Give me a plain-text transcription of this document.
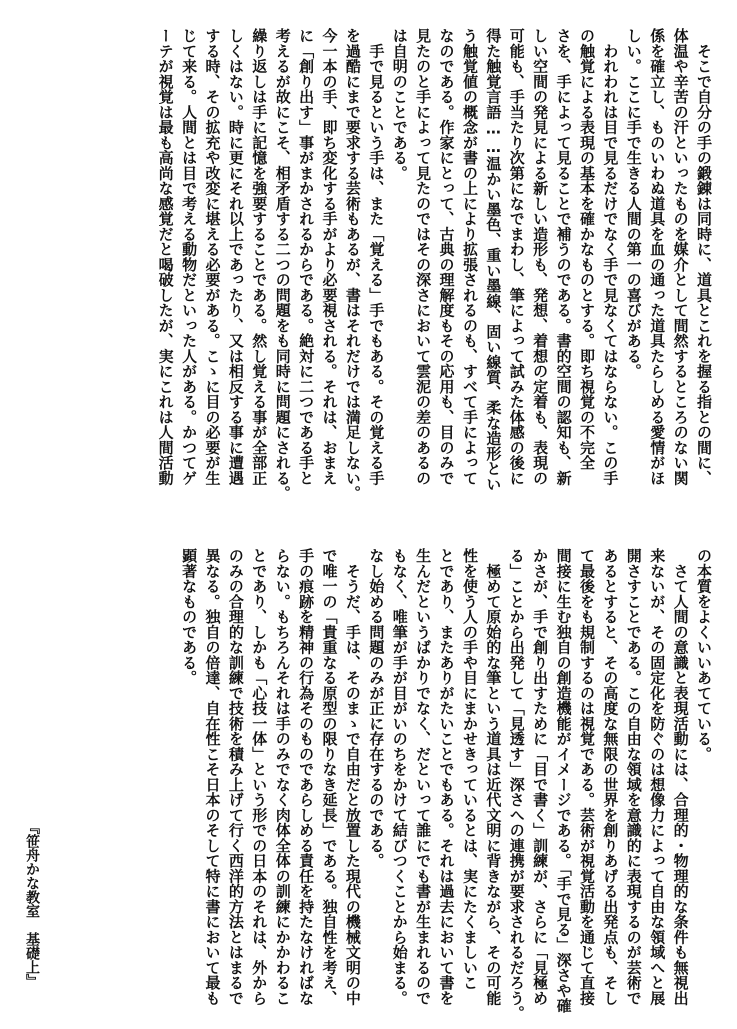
　そこで自分の手の鍛錬は同時に、道具とこれを握る指との間に、
体温や辛苦の汗といったものを媒介として間然するところのない関
係を確立し、ものいわぬ道具を血の通った道具たらしめる愛情がほ
しい。ここに手で生きる人間の第一の喜びがある。
　われわれは目で見るだけでなく手で見なくてはならない。この手
の触覚による表現の基本を確かなものとする。即ち視覚の不完全
さを、手によって見ることで補うのである。書的空間の認知も、新
しい空間の発見による新しい造形も、発想、着想の定着も、表現の
可能も、手当たり次第になでまわし、筆によって試みた体感の後に
得た触覚言語……温かい墨色、重い墨線、固い線質、柔な造形とい
う触覚値の概念が書の上により拡張されるのも、すべて手によって
なのである。作家にとって、古典の理解度もその応用も、目のみで
見たのと手によって見たのではその深さにおいて雲泥の差のあるの
は自明のことである。
　手で見るという手は、また「覚える」手でもある。その覚える手
を過酷にまで要求する芸術もあるが、書はそれだけでは満足しない。
今一本の手、即ち変化する手がより必要視される。それは、おまえ
に「創り出す」事がまかされるからである。絶対に二つである手と
考えるが故にこそ、相矛盾する二つの問題をも同時に問題にされる。
繰り返しは手に記憶を強要することである。然し覚える事が全部正
しくはない。時に更にそれ以上であったり、又は相反する事に遭遇
する時、その拡充や改変に堪える必要がある。こゝに目の必要が生
じて来る。人間とは目で考える動物だといった人がある。かつてゲ
ーテが視覚は最も高尚な感覚だと喝破したが、実にこれは人間活動
の本質をよくいいあてている。
　さて人間の意識と表現活動には、合理的・物理的な条件も無視出
来ないが、その固定化を防ぐのは想像力によって自由な領域へと展
開さすことである。この自由な領域を意識的に表現するのが芸術で
あるとすると、その高度な無限の世界を創りあげる出発点も、そし
て最後をも規制するのは視覚である。芸術が視覚活動を通じて直接
間接に生む独自の創造機能がイメージである。「手で見る」深さや確
かさが、手で創り出すために「目で書く」訓練が、さらに「見極め
る」ことから出発して「見透す」深さへの連携が要求されるだろう。
　極めて原始的な筆という道具は近代文明に背きながら、その可能
性を使う人の手や目にまかせきっているとは、実にたくましいこ
とであり、またありがたいことでもある。それは過去において書を
生んだというばかりでなく、だといって誰にでも書が生まれるので
もなく、唯筆が手が目がいのちをかけて結びつくことから始まる。
なし始める問題のみが正に存在するのである。
　そうだ、手は、そのまゝで自由だと放置した現代の機械文明の中
で唯一の「貴重なる原型の限りなき延長」である。独自性を考え、
手の痕跡を精神の行為そのものであらしめる責任を持たなければな
らない。もちろんそれは手のみでなく肉体全体の訓練にかかわるこ
とであり、しかも「心技一体」という形での日本のそれは、外から
のみの合理的な訓練で技術を積み上げて行く西洋的方法とはまるで
異なる。独自の倍達、自在性こそ日本のそして特に書において最も
顕著なものである。
『笹舟かな教室　基礎上』
